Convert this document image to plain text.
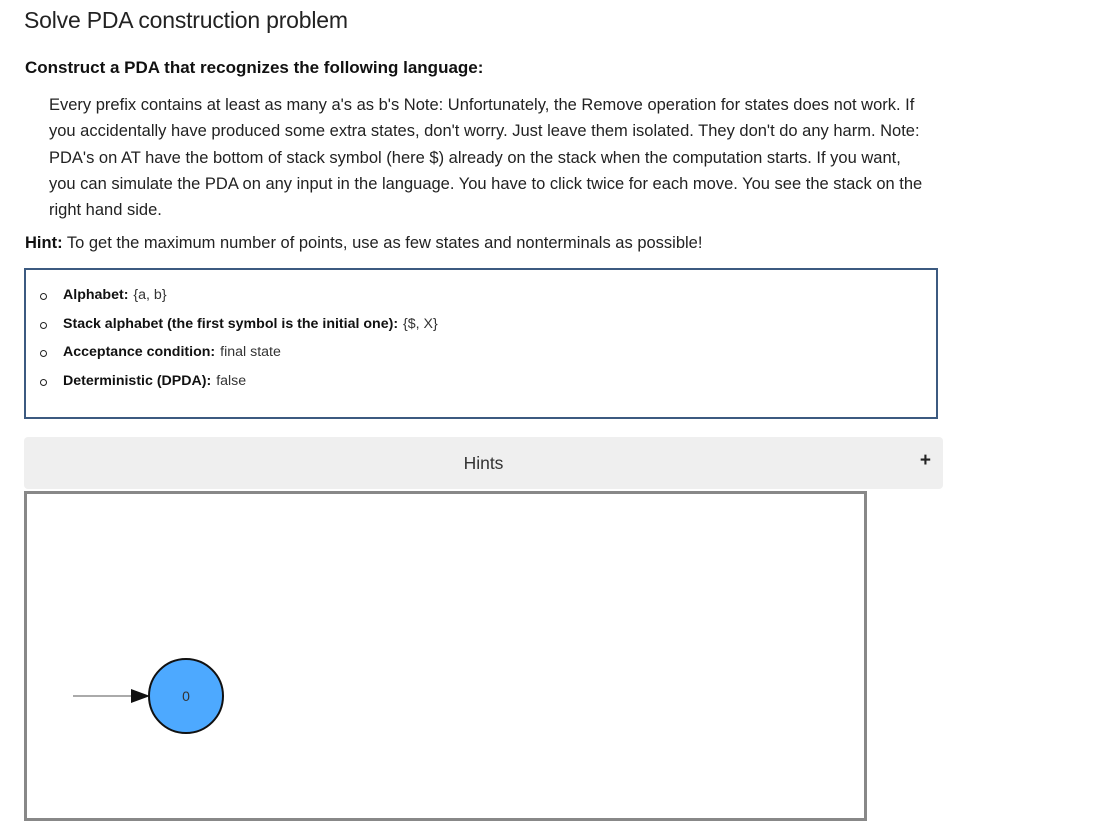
Solve PDA construction problem
Construct a PDA that recognizes the following language:
Every prefix contains at least as many a's as b's Note: Unfortunately, the Remove operation for states does not work. If you accidentally have produced some extra states, don't worry. Just leave them isolated. They don't do any harm. Note: PDA's on AT have the bottom of stack symbol (here $) already on the stack when the computation starts. If you want, you can simulate the PDA on any input in the language. You have to click twice for each move. You see the stack on the right hand side.
Hint: To get the maximum number of points, use as few states and nonterminals as possible!
Alphabet: {a, b}
Stack alphabet (the first symbol is the initial one): {$, X}
Acceptance condition: final state
Deterministic (DPDA): false
Hints	+
0
